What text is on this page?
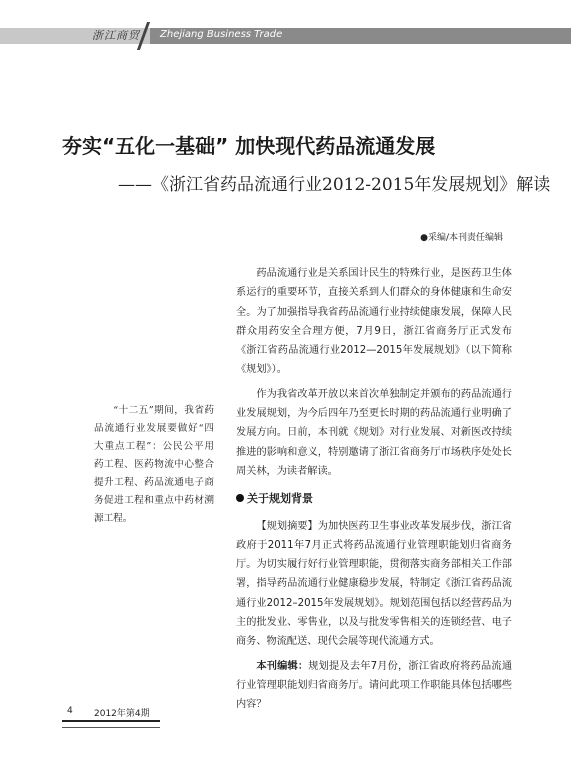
浙江商贸 Zhejiang Business Trade
夯实“五化一基础” 加快现代药品流通发展
——《浙江省药品流通行业2012-2015年发展规划》解读
●采编/本刊责任编辑

“十二五”期间，我省药品流通行业发展要做好“四大重点工程”：公民公平用药工程、医药物流中心整合提升工程、药品流通电子商务促进工程和重点中药材溯源工程。

药品流通行业是关系国计民生的特殊行业，是医药卫生体系运行的重要环节，直接关系到人们群众的身体健康和生命安全。为了加强指导我省药品流通行业持续健康发展，保障人民群众用药安全合理方便，7月9日，浙江省商务厅正式发布《浙江省药品流通行业2012—2015年发展规划》（以下简称《规划》）。

作为我省改革开放以来首次单独制定并颁布的药品流通行业发展规划，为今后四年乃至更长时期的药品流通行业明确了发展方向。日前，本刊就《规划》对行业发展、对新医改持续推进的影响和意义，特别邀请了浙江省商务厅市场秩序处处长周关林，为读者解读。

关于规划背景

【规划摘要】为加快医药卫生事业改革发展步伐，浙江省政府于2011年7月正式将药品流通行业管理职能划归省商务厅。为切实履行好行业管理职能，贯彻落实商务部相关工作部署，指导药品流通行业健康稳步发展，特制定《浙江省药品流通行业2012–2015年发展规划》。规划范围包括以经营药品为主的批发业、零售业，以及与批发零售相关的连锁经营、电子商务、物流配送、现代会展等现代流通方式。

本刊编辑：规划提及去年7月份，浙江省政府将药品流通行业管理职能划归省商务厅。请问此项工作职能具体包括哪些内容？

4 2012年第4期
